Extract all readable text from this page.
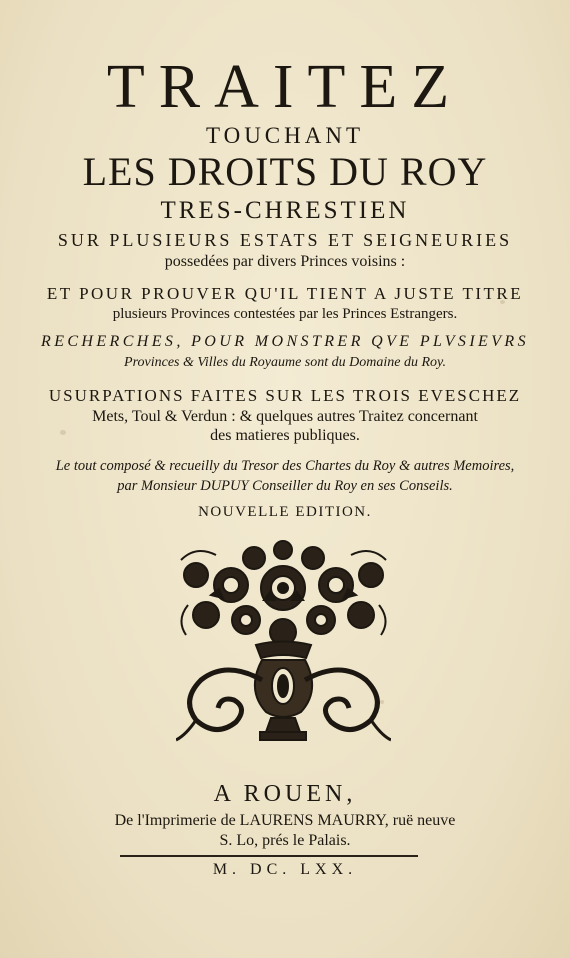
TRAITEZ
TOUCHANT
LES DROITS DU ROY
TRES-CHRESTIEN
SUR PLUSIEURS ESTATS ET SEIGNEURIES
possedées par divers Princes voisins :
ET POUR PROUVER QU'IL TIENT A JUSTE TITRE
plusieurs Provinces contestées par les Princes Estrangers.
RECHERCHES, POUR MONSTRER QVE PLVSIEVRS
Provinces & Villes du Royaume sont du Domaine du Roy.
USURPATIONS FAITES SUR LES TROIS EVESCHEZ
Mets, Toul & Verdun : & quelques autres Traitez concernant
des matieres publiques.
Le tout composé & recueilly du Tresor des Chartes du Roy & autres Memoires,
par Monsieur DUPUY Conseiller du Roy en ses Conseils.
NOUVELLE EDITION.
A ROUEN,
De l'Imprimerie de LAURENS MAURRY, ruë neuve
S. Lo, prés le Palais.
M. DC. LXX.
